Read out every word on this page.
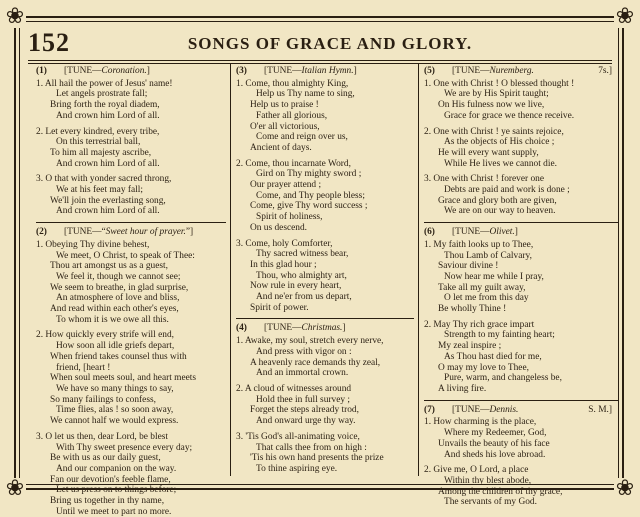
❀	❀
❀	❀
152	SONGS OF GRACE AND GLORY.
(1)	[TUNE—Coronation.]
1. All hail the power of Jesus' name!
Let angels prostrate fall;
Bring forth the royal diadem,
And crown him Lord of all.
2. Let every kindred, every tribe,
On this terrestrial ball,
To him all majesty ascribe,
And crown him Lord of all.
3. O that with yonder sacred throng,
We at his feet may fall;
We'll join the everlasting song,
And crown him Lord of all.
(2)	[TUNE—“Sweet hour of prayer.”]
1. Obeying Thy divine behest,
We meet, O Christ, to speak of Thee:
Thou art amongst us as a guest,
We feel it, though we cannot see;
We seem to breathe, in glad surprise,
An atmosphere of love and bliss,
And read within each other's eyes,
To whom it is we owe all this.
2. How quickly every strife will end,
How soon all idle griefs depart,
When friend takes counsel thus with
friend, [heart !
When soul meets soul, and heart meets
We have so many things to say,
So many failings to confess,
Time flies, alas ! so soon away,
We cannot half we would express.
3. O let us then, dear Lord, be blest
With Thy sweet presence every day;
Be with us as our daily guest,
And our companion on the way.
Fan our devotion's feeble flame,
Let us press on to things before;
Bring us together in thy name,
Until we meet to part no more.
(3)	[TUNE—Italian Hymn.]
1. Come, thou almighty King,
Help us Thy name to sing,
Help us to praise !
Father all glorious,
O'er all victorious,
Come and reign over us,
Ancient of days.
2. Come, thou incarnate Word,
Gird on Thy mighty sword ;
Our prayer attend ;
Come, and Thy people bless;
Come, give Thy word success ;
Spirit of holiness,
On us descend.
3. Come, holy Comforter,
Thy sacred witness bear,
In this glad hour ;
Thou, who almighty art,
Now rule in every heart,
And ne'er from us depart,
Spirit of power.
(4)	[TUNE—Christmas.]
1. Awake, my soul, stretch every nerve,
And press with vigor on :
A heavenly race demands thy zeal,
And an immortal crown.
2. A cloud of witnesses around
Hold thee in full survey ;
Forget the steps already trod,
And onward urge thy way.
3. 'Tis God's all-animating voice,
That calls thee from on high :
'Tis his own hand presents the prize
To thine aspiring eye.
(5)	[TUNE—Nuremberg.	7s.]
1. One with Christ ! O blessed thought !
We are by His Spirit taught;
On His fulness now we live,
Grace for grace we thence receive.
2. One with Christ ! ye saints rejoice,
As the objects of His choice ;
He will every want supply,
While He lives we cannot die.
3. One with Christ ! forever one
Debts are paid and work is done ;
Grace and glory both are given,
We are on our way to heaven.
(6)	[TUNE—Olivet.]
1. My faith looks up to Thee,
Thou Lamb of Calvary,
Saviour divine !
Now hear me while I pray,
Take all my guilt away,
O let me from this day
Be wholly Thine !
2. May Thy rich grace impart
Strength to my fainting heart;
My zeal inspire ;
As Thou hast died for me,
O may my love to Thee,
Pure, warm, and changeless be,
A living fire.
(7)	[TUNE—Dennis.	S. M.]
1. How charming is the place,
Where my Redeemer, God,
Unvails the beauty of his face
And sheds his love abroad.
2. Give me, O Lord, a place
Within thy blest abode,
Among the children of thy grace,
The servants of my God.
